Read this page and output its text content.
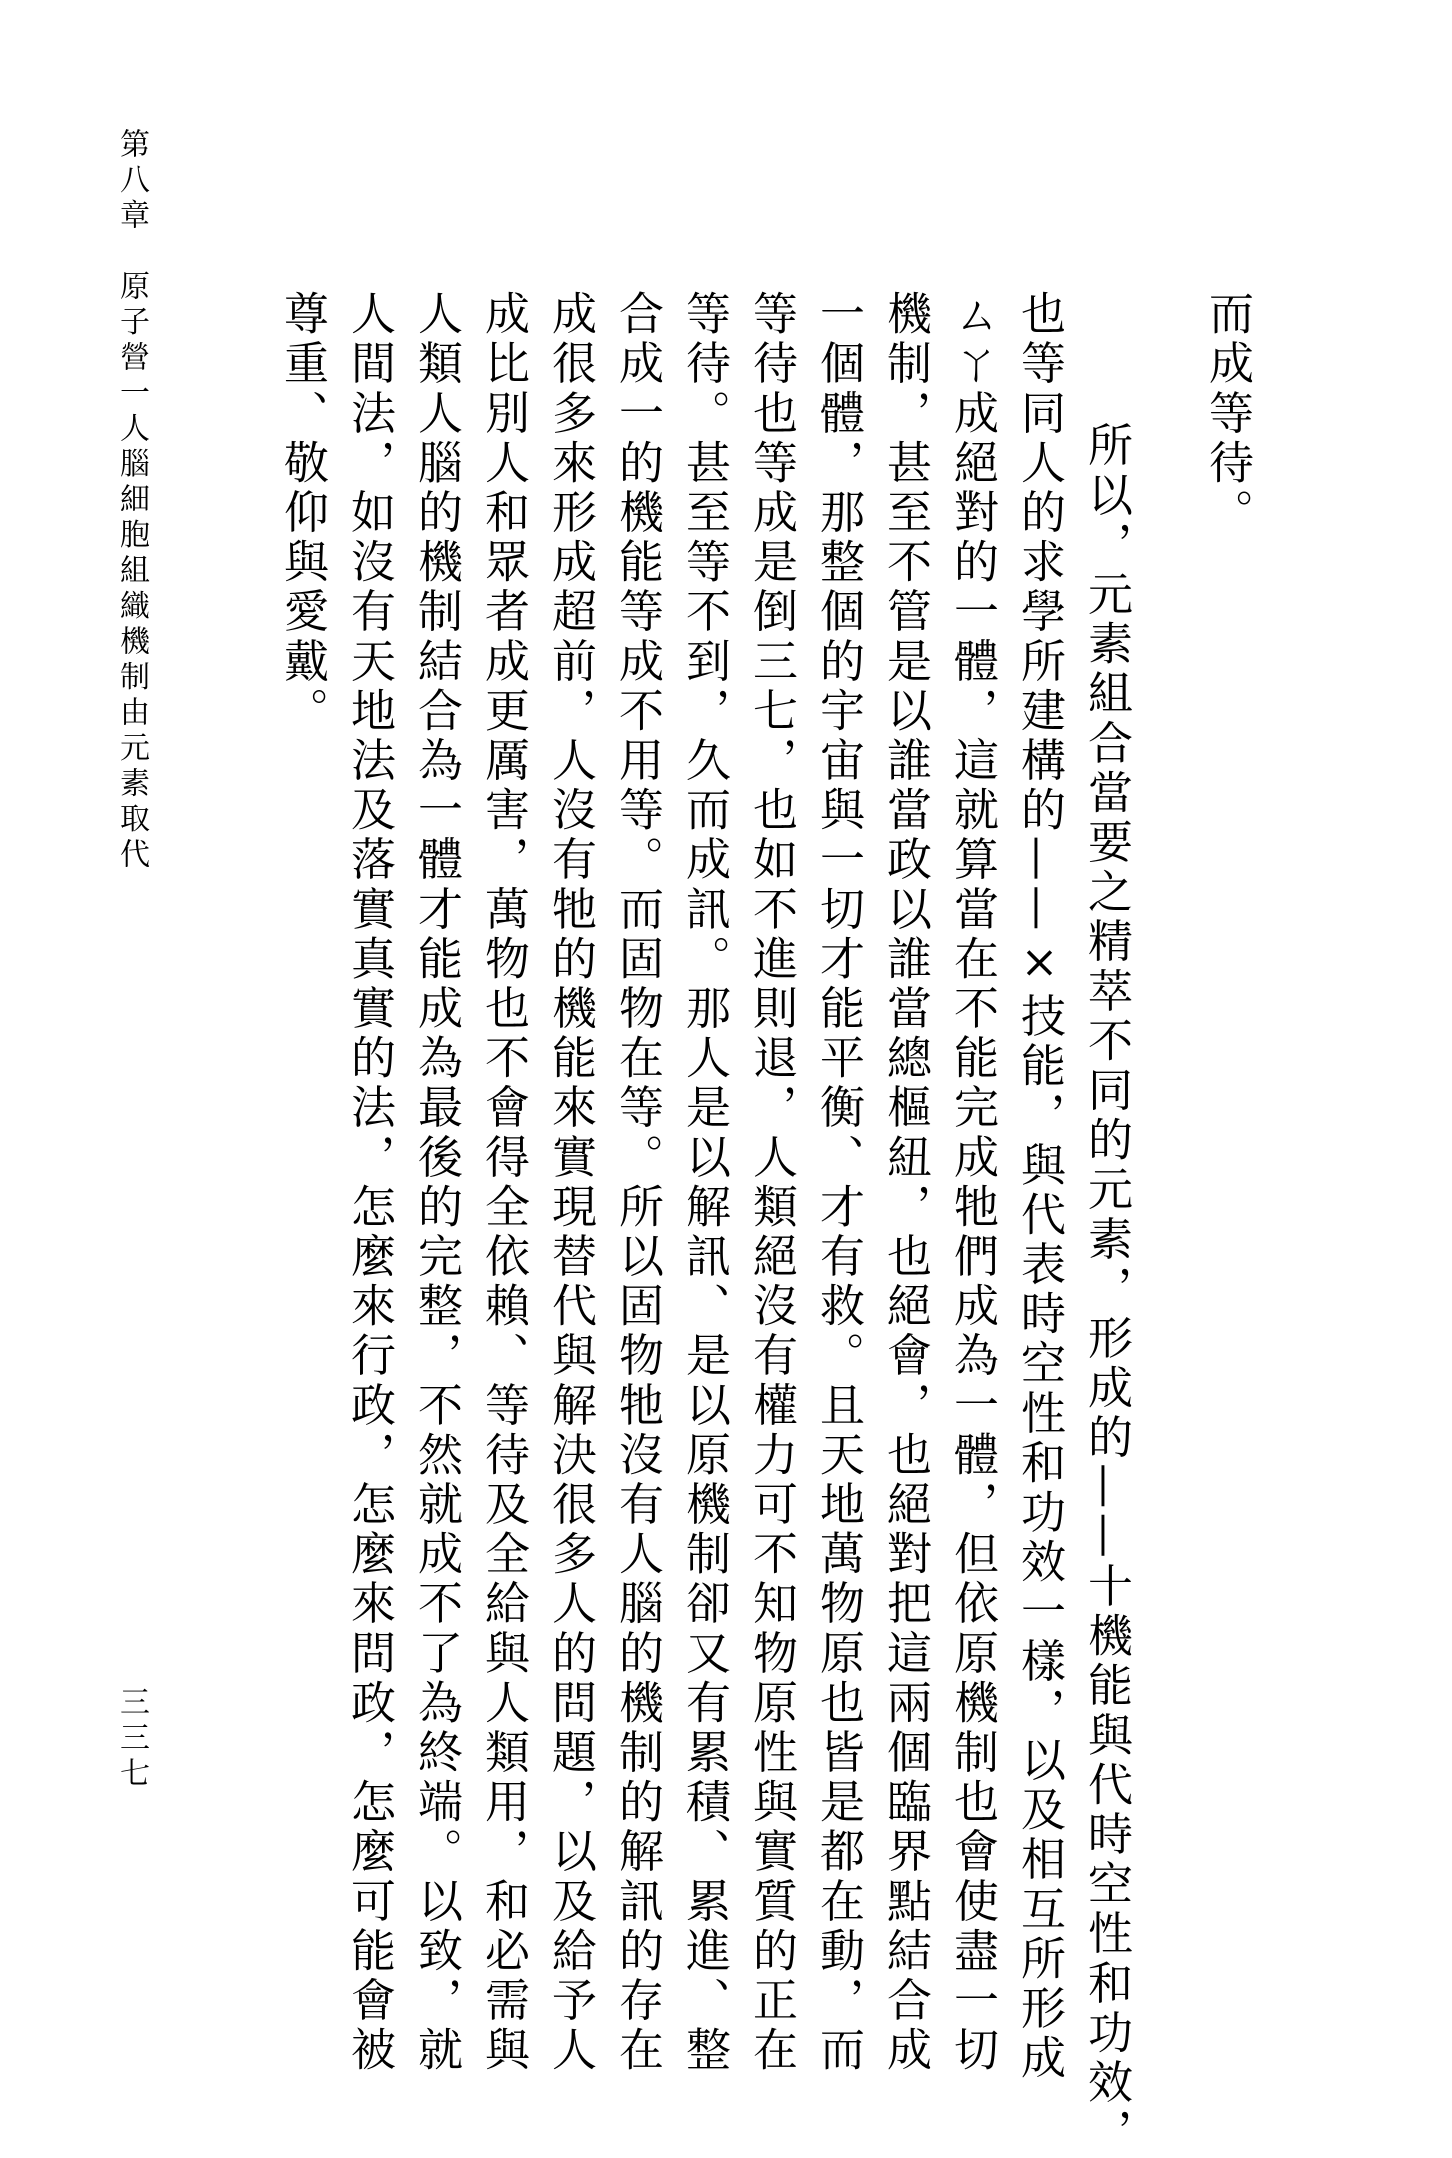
第八章　原子營一人腦細胞組織機制由元素取代

三三七

而成等待。

　所以，元素組合當要之精萃不同的元素，形成的——十機能與代時空性和功效，

也等同人的求學所建構的——×技能，與代表時空性和功效一樣，以及相互所形成

ㄙㄚ成絕對的一體，這就算當在不能完成牠們成為一體，但依原機制也會使盡一切

機制，甚至不管是以誰當政以誰當總樞紐，也絕會，也絕對把這兩個臨界點結合成

一個體，那整個的宇宙與一切才能平衡、才有救。且天地萬物原也皆是都在動，而

等待也等成是倒三七，也如不進則退，人類絕沒有權力可不知物原性與實質的正在

等待。甚至等不到，久而成訊。那人是以解訊、是以原機制卻又有累積、累進、整

合成一的機能等成不用等。而固物在等。所以固物牠沒有人腦的機制的解訊的存在

成很多來形成超前，人沒有牠的機能來實現替代與解決很多人的問題，以及給予人

成比別人和眾者成更厲害，萬物也不會得全依賴、等待及全給與人類用，和必需與

人類人腦的機制結合為一體才能成為最後的完整，不然就成不了為終端。以致，就

人間法，如沒有天地法及落實真實的法，怎麼來行政，怎麼來問政，怎麼可能會被

尊重、敬仰與愛戴。
